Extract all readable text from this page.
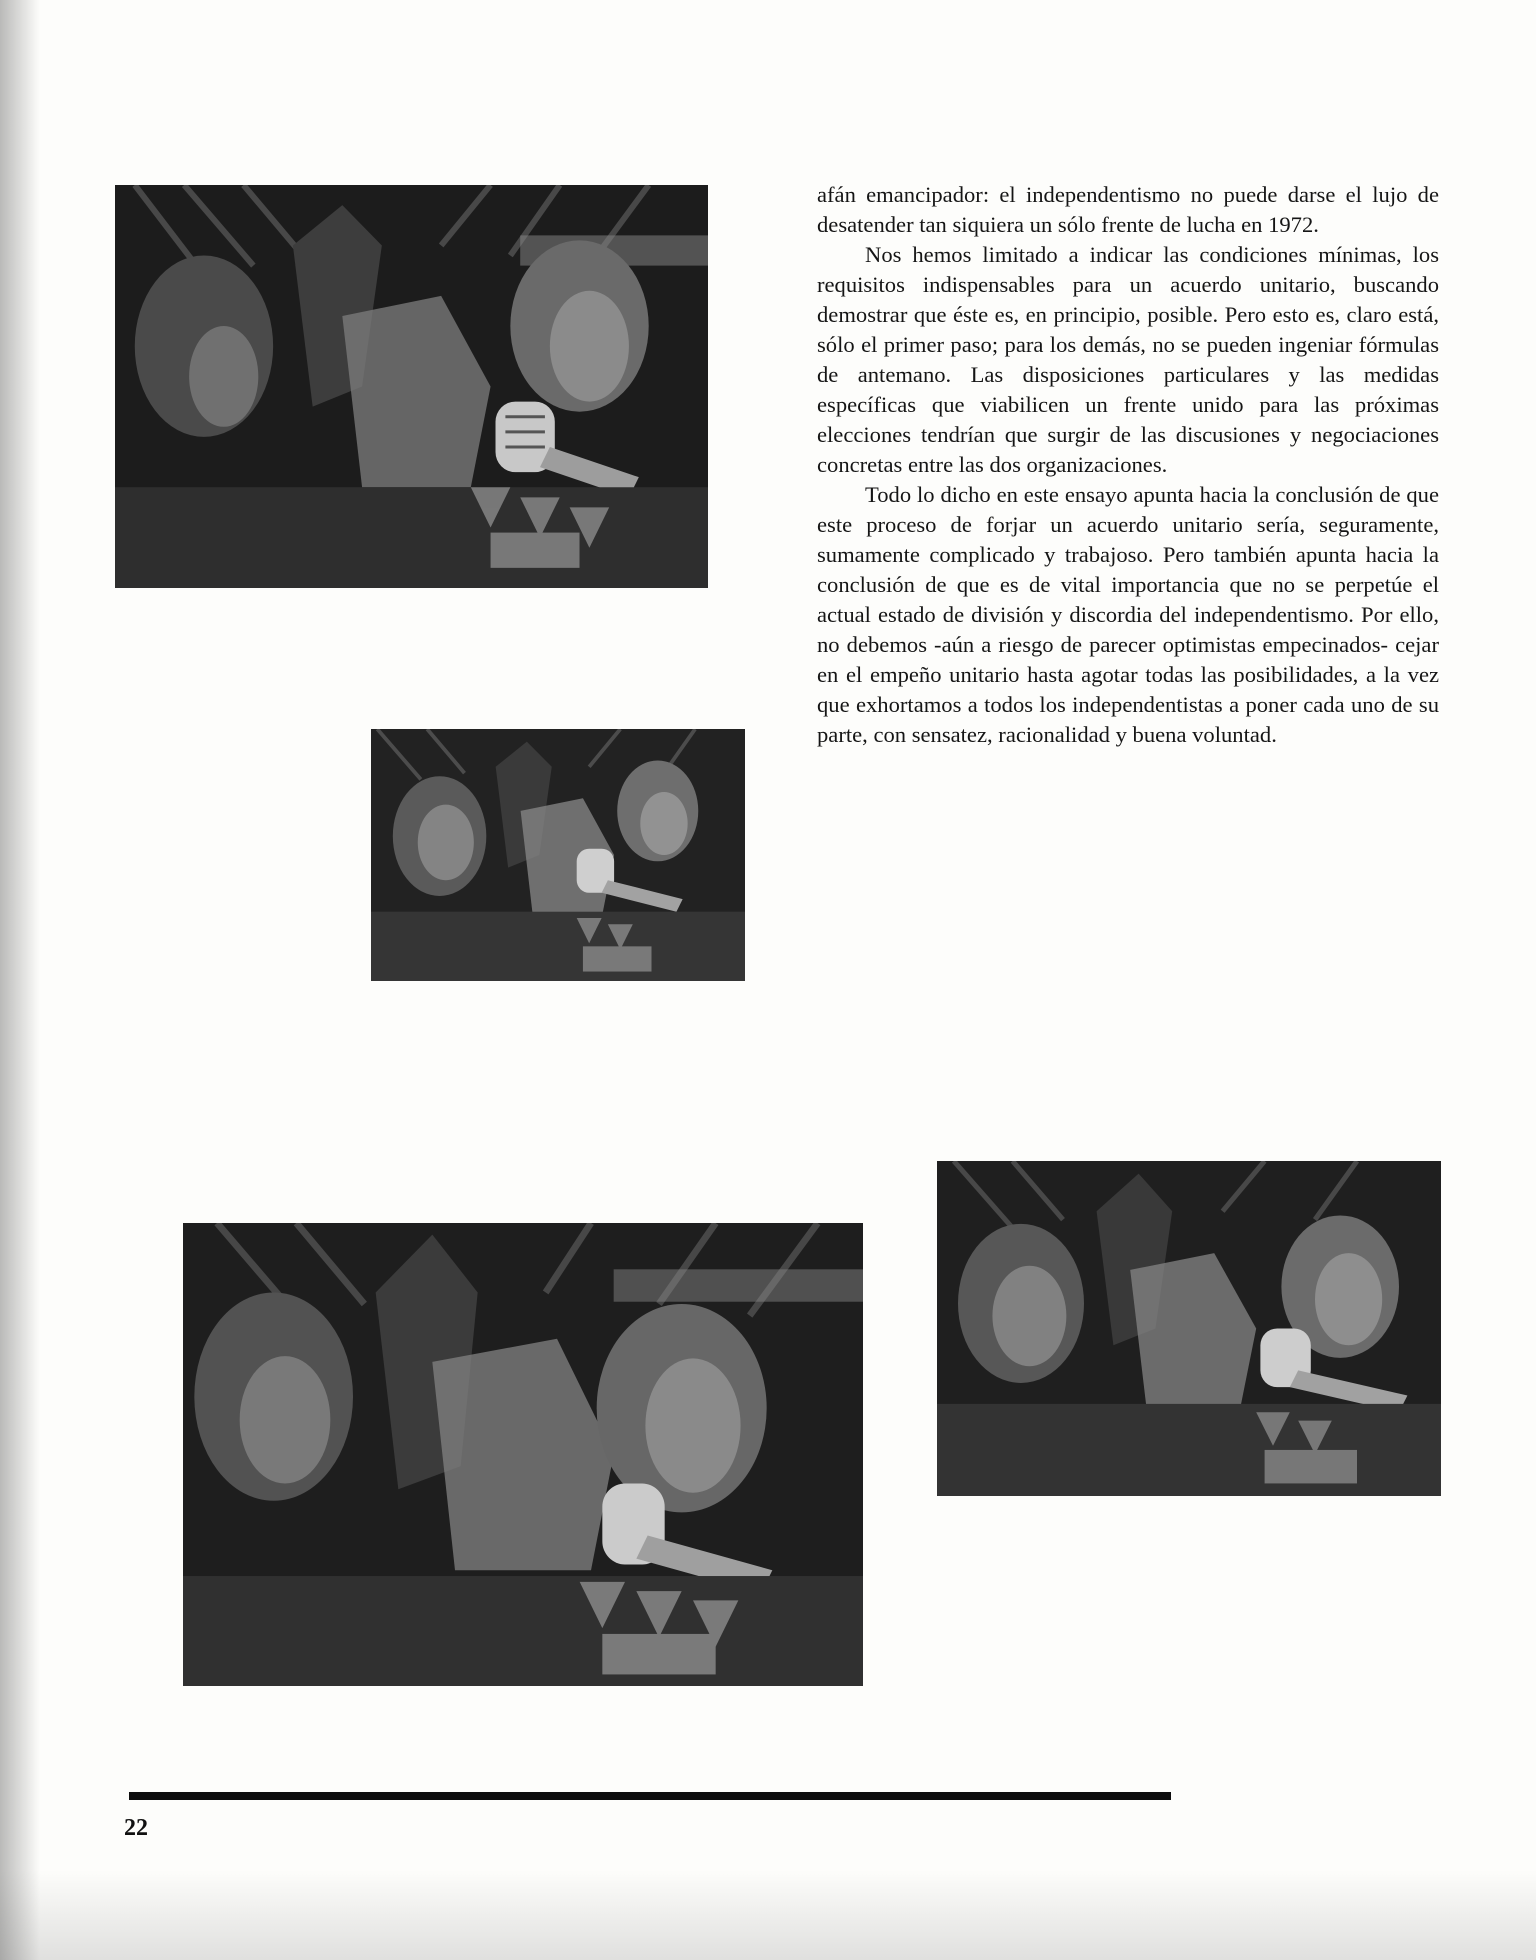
afán emancipador: el independentismo no puede darse el lujo de desatender tan siquiera un sólo frente de lucha en 1972.

Nos hemos limitado a indicar las condiciones mínimas, los requisitos indispensables para un acuerdo unitario, buscando demostrar que éste es, en principio, posible. Pero esto es, claro está, sólo el primer paso; para los demás, no se pueden ingeniar fórmulas de antemano. Las disposiciones particulares y las medidas específicas que viabilicen un frente unido para las próximas elecciones tendrían que surgir de las discusiones y negociaciones concretas entre las dos organizaciones.

Todo lo dicho en este ensayo apunta hacia la conclusión de que este proceso de forjar un acuerdo unitario sería, seguramente, sumamente complicado y trabajoso. Pero también apunta hacia la conclusión de que es de vital importancia que no se perpetúe el actual estado de división y discordia del independentismo. Por ello, no debemos -aún a riesgo de parecer optimistas empecinados- cejar en el empeño unitario hasta agotar todas las posibilidades, a la vez que exhortamos a todos los independentistas a poner cada uno de su parte, con sensatez, racionalidad y buena voluntad.

22
